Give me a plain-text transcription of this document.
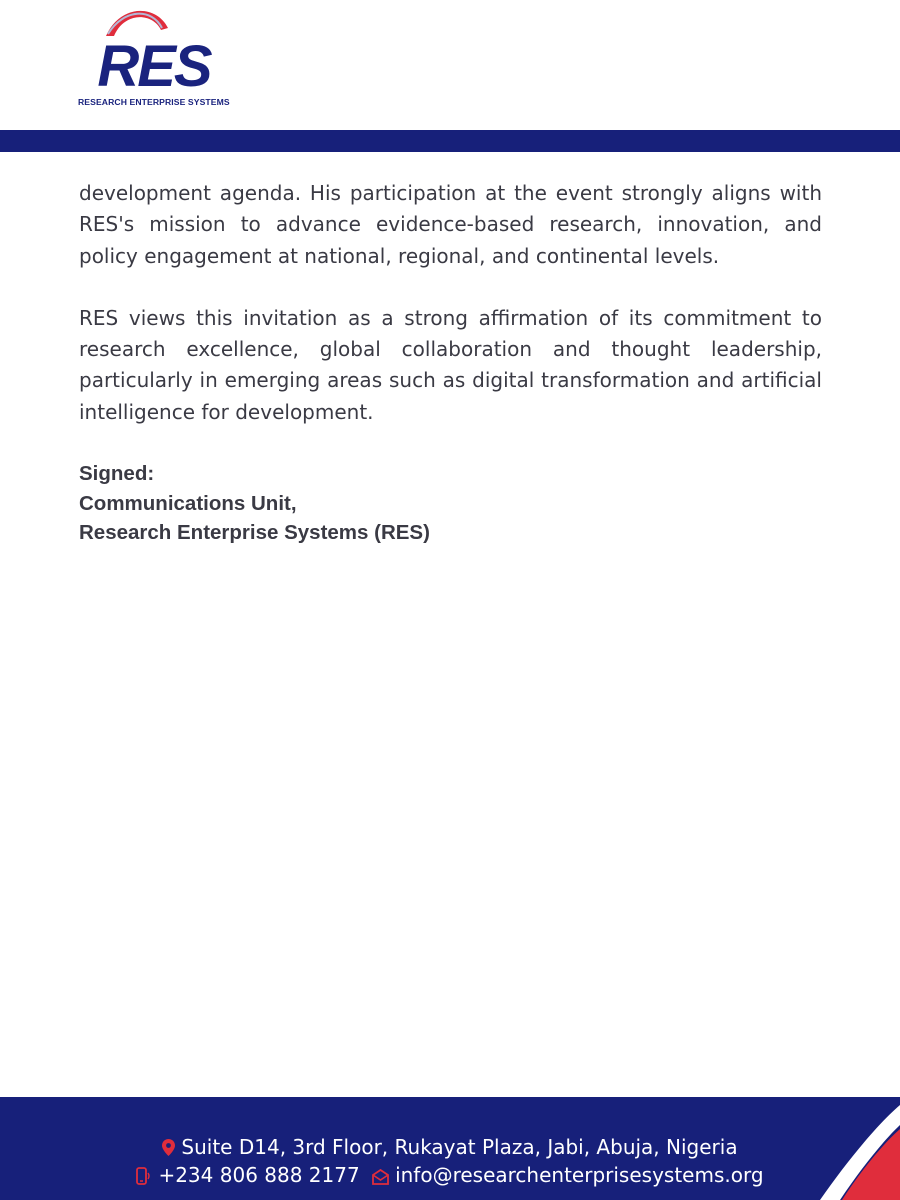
RES
RESEARCH ENTERPRISE SYSTEMS

development agenda. His participation at the event strongly aligns with RES's mission to advance evidence-based research, innovation, and policy engagement at national, regional, and continental levels.

RES views this invitation as a strong affirmation of its commitment to research excellence, global collaboration and thought leadership, particularly in emerging areas such as digital transformation and artificial intelligence for development.

Signed:

Communications Unit,

Research Enterprise Systems (RES)

Suite D14, 3rd Floor, Rukayat Plaza, Jabi, Abuja, Nigeria
+234 806 888 2177 info@researchenterprisesystems.org
